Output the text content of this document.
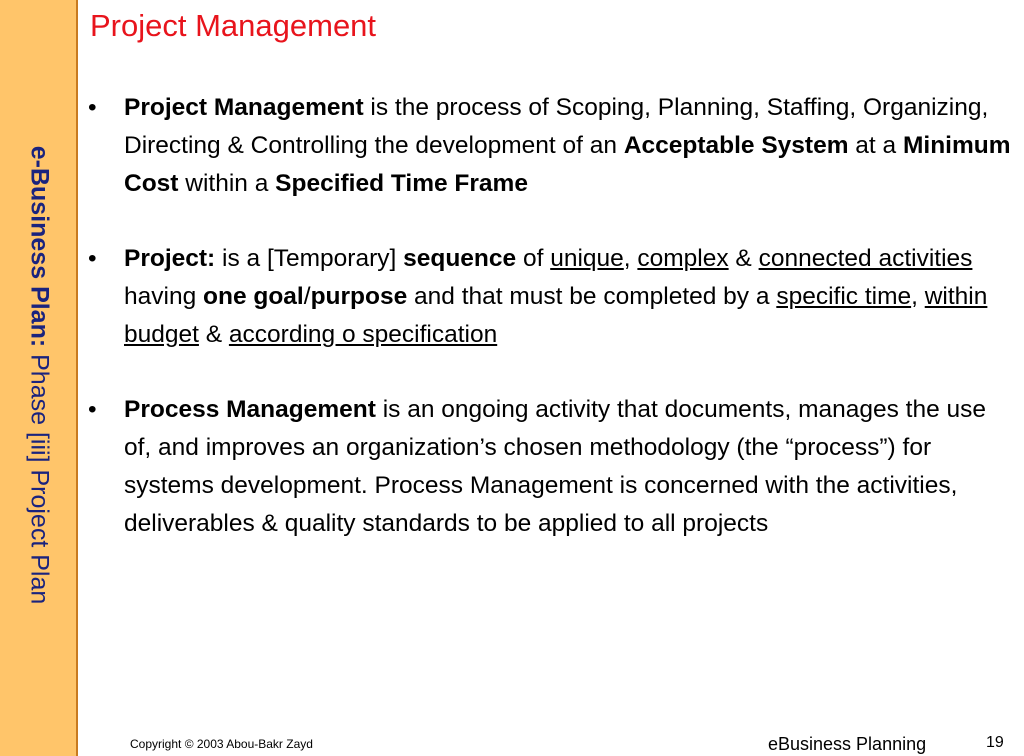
e-Business Plan: Phase [iii] Project Plan
Project Management
• Project Management is the process of Scoping, Planning, Staffing, Organizing, Directing & Controlling the development of an Acceptable System at a Minimum Cost within a Specified Time Frame
• Project: is a [Temporary] sequence of unique, complex & connected activities having one goal/purpose and that must be completed by a specific time, within budget & according o specification
• Process Management is an ongoing activity that documents, manages the use of, and improves an organization’s chosen methodology (the “process”) for systems development. Process Management is concerned with the activities, deliverables & quality standards to be applied to all projects
Copyright © 2003 Abou-Bakr Zayd	eBusiness Planning	19
